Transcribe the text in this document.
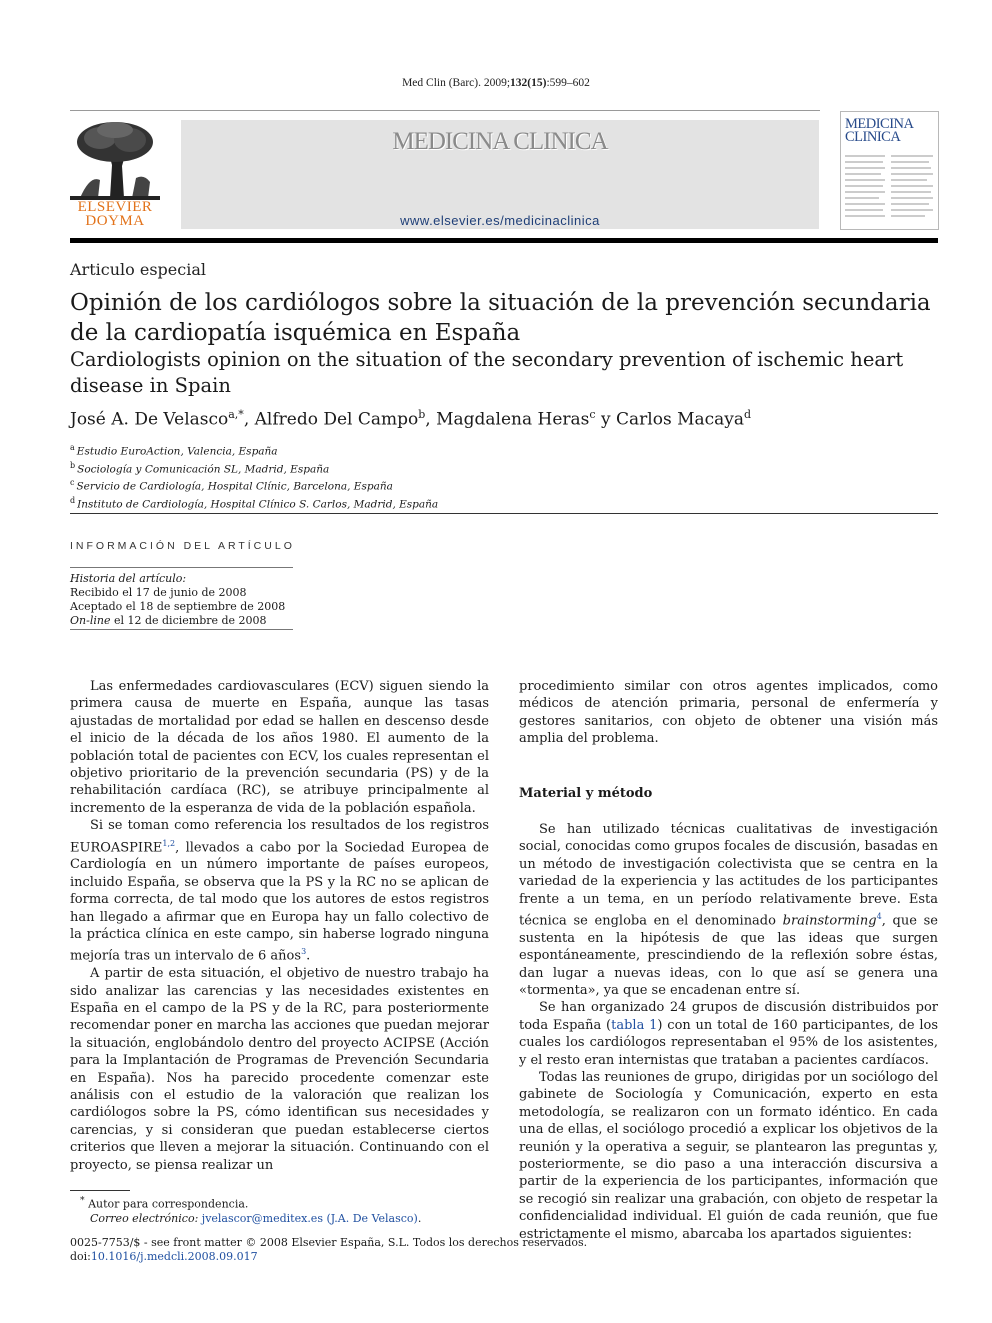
Med Clin (Barc). 2009;132(15):599–602
ELSEVIER
DOYMA
MEDICINA CLINICA
www.elsevier.es/medicinaclinica
MEDICINA
CLINICA
Articulo especial
Opinión de los cardiólogos sobre la situación de la prevención secundaria de la cardiopatía isquémica en España
Cardiologists opinion on the situation of the secondary prevention of ischemic heart disease in Spain
José A. De Velasco$^{a,*}$, Alfredo Del Campo$^b$, Magdalena Heras$^c$ y Carlos Macaya$^d$
$^a$ Estudio EuroAction, Valencia, España
$^b$ Sociología y Comunicación SL, Madrid, España
$^c$ Servicio de Cardiología, Hospital Clínic, Barcelona, España
$^d$ Instituto de Cardiología, Hospital Clínico S. Carlos, Madrid, España
INFORMACIÓN DEL ARTÍCULO
Historia del artículo:
Recibido el 17 de junio de 2008
Aceptado el 18 de septiembre de 2008
On-line el 12 de diciembre de 2008

Las enfermedades cardiovasculares (ECV) siguen siendo la primera causa de muerte en España, aunque las tasas ajustadas de mortalidad por edad se hallen en descenso desde el inicio de la década de los años 1980. El aumento de la población total de pacientes con ECV, los cuales representan el objetivo prioritario de la prevención secundaria (PS) y de la rehabilitación cardíaca (RC), se atribuye principalmente al incremento de la esperanza de vida de la población española.

Si se toman como referencia los resultados de los registros EUROASPIRE$^{1,2}$, llevados a cabo por la Sociedad Europea de Cardiología en un número importante de países europeos, incluido España, se observa que la PS y la RC no se aplican de forma correcta, de tal modo que los autores de estos registros han llegado a afirmar que en Europa hay un fallo colectivo de la práctica clínica en este campo, sin haberse logrado ninguna mejoría tras un intervalo de 6 años$^3$.

A partir de esta situación, el objetivo de nuestro trabajo ha sido analizar las carencias y las necesidades existentes en España en el campo de la PS y de la RC, para posteriormente recomendar poner en marcha las acciones que puedan mejorar la situación, englobándolo dentro del proyecto ACIPSE (Acción para la Implantación de Programas de Prevención Secundaria en España). Nos ha parecido procedente comenzar este análisis con el estudio de la valoración que realizan los cardiólogos sobre la PS, cómo identifican sus necesidades y carencias, y si consideran que puedan establecerse ciertos criterios que lleven a mejorar la situación. Continuando con el proyecto, se piensa realizar un

procedimiento similar con otros agentes implicados, como médicos de atención primaria, personal de enfermería y gestores sanitarios, con objeto de obtener una visión más amplia del problema.

Material y método

Se han utilizado técnicas cualitativas de investigación social, conocidas como grupos focales de discusión, basadas en un método de investigación colectivista que se centra en la variedad de la experiencia y las actitudes de los participantes frente a un tema, en un período relativamente breve. Esta técnica se engloba en el denominado brainstorming$^4$, que se sustenta en la hipótesis de que las ideas que surgen espontáneamente, prescindiendo de la reflexión sobre éstas, dan lugar a nuevas ideas, con lo que así se genera una «tormenta», ya que se encadenan entre sí.

Se han organizado 24 grupos de discusión distribuidos por toda España (tabla 1) con un total de 160 participantes, de los cuales los cardiólogos representaban el 95% de los asistentes, y el resto eran internistas que trataban a pacientes cardíacos.

Todas las reuniones de grupo, dirigidas por un sociólogo del gabinete de Sociología y Comunicación, experto en esta metodología, se realizaron con un formato idéntico. En cada una de ellas, el sociólogo procedió a explicar los objetivos de la reunión y la operativa a seguir, se plantearon las preguntas y, posteriormente, se dio paso a una interacción discursiva a partir de la experiencia de los participantes, información que se recogió sin realizar una grabación, con objeto de respetar la confidencialidad individual. El guión de cada reunión, que fue estrictamente el mismo, abarcaba los apartados siguientes:

* Autor para correspondencia.
Correo electrónico: jvelascor@meditex.es (J.A. De Velasco).
0025-7753/$ - see front matter © 2008 Elsevier España, S.L. Todos los derechos reservados.
doi:10.1016/j.medcli.2008.09.017
